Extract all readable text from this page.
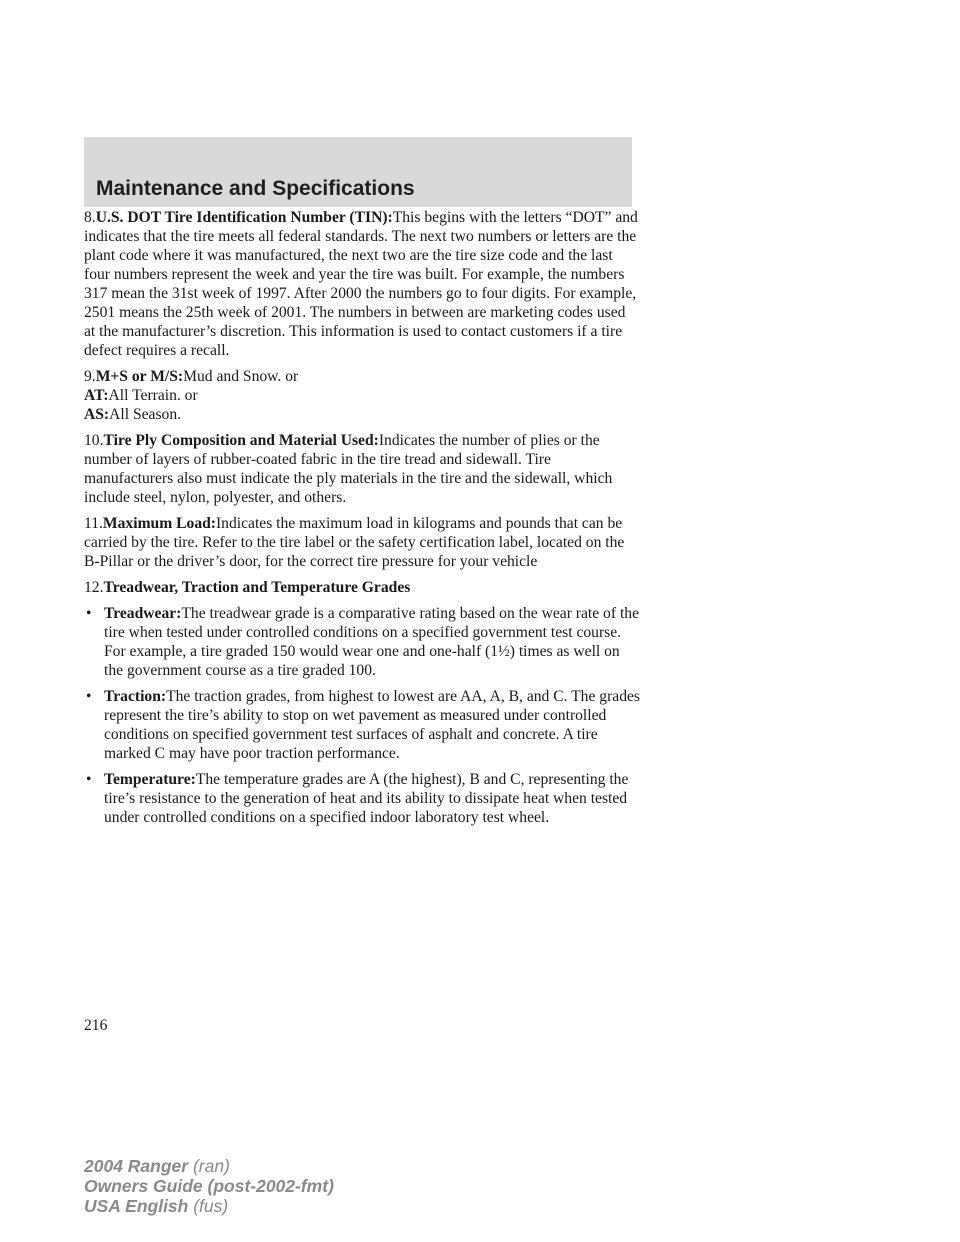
Maintenance and Specifications

8.U.S. DOT Tire Identification Number (TIN):This begins with the letters “DOT” and indicates that the tire meets all federal standards. The next two numbers or letters are the plant code where it was manufactured, the next two are the tire size code and the last four numbers represent the week and year the tire was built. For example, the numbers 317 mean the 31st week of 1997. After 2000 the numbers go to four digits. For example, 2501 means the 25th week of 2001. The numbers in between are marketing codes used at the manufacturer’s discretion. This information is used to contact customers if a tire defect requires a recall.

9.M+S or M/S:Mud and Snow. or
AT:All Terrain. or
AS:All Season.

10.Tire Ply Composition and Material Used:Indicates the number of plies or the number of layers of rubber-coated fabric in the tire tread and sidewall. Tire manufacturers also must indicate the ply materials in the tire and the sidewall, which include steel, nylon, polyester, and others.

11.Maximum Load:Indicates the maximum load in kilograms and pounds that can be carried by the tire. Refer to the tire label or the safety certification label, located on the B-Pillar or the driver’s door, for the correct tire pressure for your vehicle

12.Treadwear, Traction and Temperature Grades

• Treadwear:The treadwear grade is a comparative rating based on the wear rate of the tire when tested under controlled conditions on a specified government test course. For example, a tire graded 150 would wear one and one-half (1½) times as well on the government course as a tire graded 100.
• Traction:The traction grades, from highest to lowest are AA, A, B, and C. The grades represent the tire’s ability to stop on wet pavement as measured under controlled conditions on specified government test surfaces of asphalt and concrete. A tire marked C may have poor traction performance.
• Temperature:The temperature grades are A (the highest), B and C, representing the tire’s resistance to the generation of heat and its ability to dissipate heat when tested under controlled conditions on a specified indoor laboratory test wheel.
216
2004 Ranger (ran)
Owners Guide (post-2002-fmt)
USA English (fus)
